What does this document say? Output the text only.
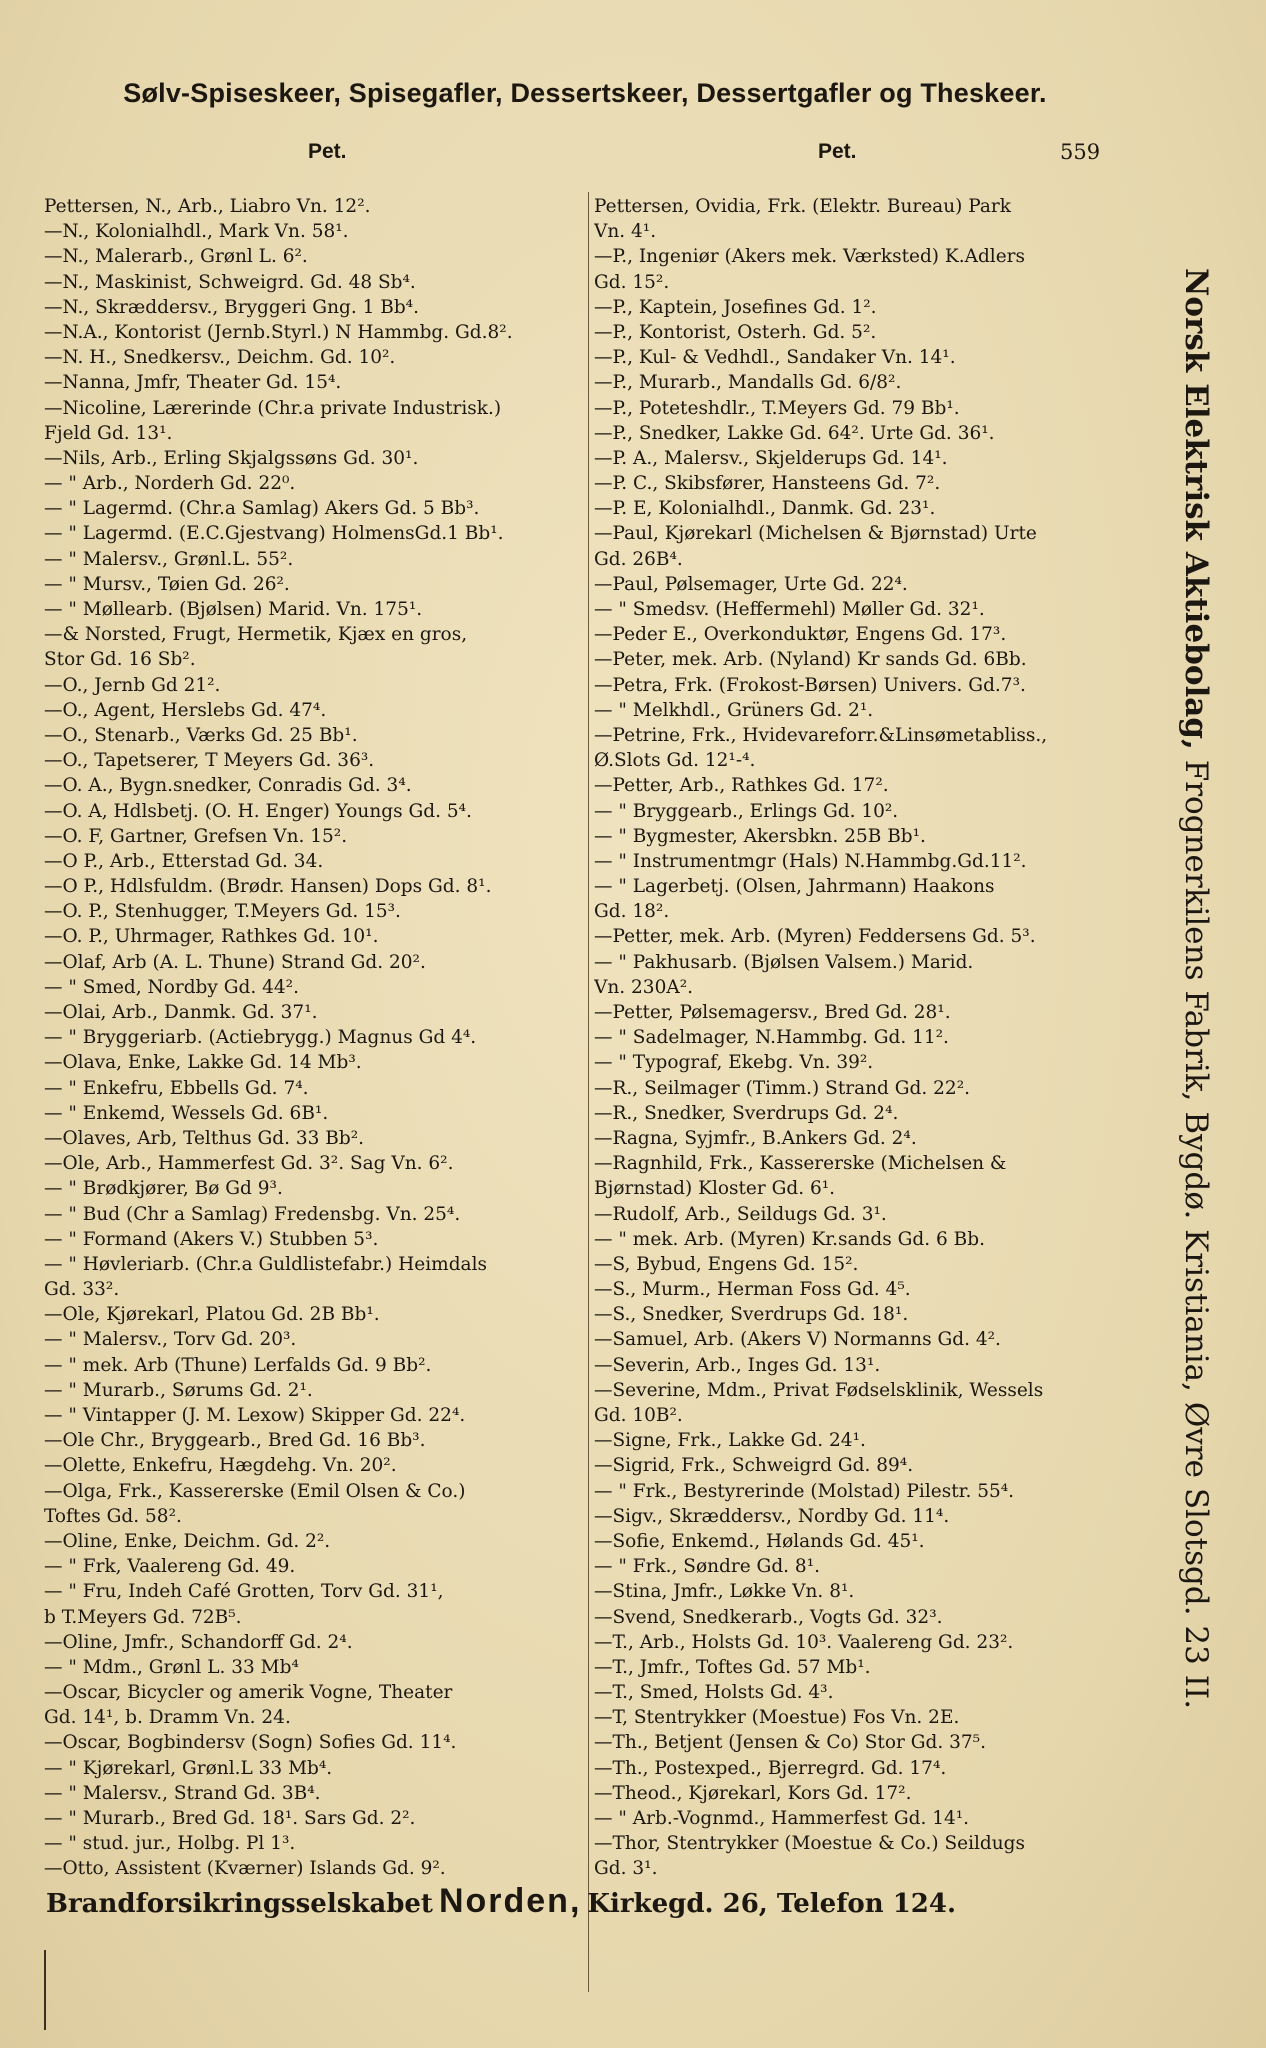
Sølv-Spiseskeer, Spisegafler, Dessertskeer, Dessertgafler og Theskeer.
Pet.	Pet.	559
Pettersen, N., Arb., Liabro Vn. 12².
—N., Kolonialhdl., Mark Vn. 58¹.
—N., Malerarb., Grønl L. 6².
—N., Maskinist, Schweigrd. Gd. 48 Sb⁴.
—N., Skræddersv., Bryggeri Gng. 1 Bb⁴.
—N.A., Kontorist (Jernb.Styrl.) N Hammbg. Gd.8².
—N. H., Snedkersv., Deichm. Gd. 10².
—Nanna, Jmfr, Theater Gd. 15⁴.
—Nicoline, Lærerinde (Chr.a private Industrisk.)
Fjeld Gd. 13¹.
—Nils, Arb., Erling Skjalgssøns Gd. 30¹.
— " Arb., Norderh Gd. 22⁰.
— " Lagermd. (Chr.a Samlag) Akers Gd. 5 Bb³.
— " Lagermd. (E.C.Gjestvang) HolmensGd.1 Bb¹.
— " Malersv., Grønl.L. 55².
— " Mursv., Tøien Gd. 26².
— " Møllearb. (Bjølsen) Marid. Vn. 175¹.
—& Norsted, Frugt, Hermetik, Kjæx en gros,
Stor Gd. 16 Sb².
—O., Jernb Gd 21².
—O., Agent, Herslebs Gd. 47⁴.
—O., Stenarb., Værks Gd. 25 Bb¹.
—O., Tapetserer, T Meyers Gd. 36³.
—O. A., Bygn.snedker, Conradis Gd. 3⁴.
—O. A, Hdlsbetj. (O. H. Enger) Youngs Gd. 5⁴.
—O. F, Gartner, Grefsen Vn. 15².
—O P., Arb., Etterstad Gd. 34.
—O P., Hdlsfuldm. (Brødr. Hansen) Dops Gd. 8¹.
—O. P., Stenhugger, T.Meyers Gd. 15³.
—O. P., Uhrmager, Rathkes Gd. 10¹.
—Olaf, Arb (A. L. Thune) Strand Gd. 20².
— " Smed, Nordby Gd. 44².
—Olai, Arb., Danmk. Gd. 37¹.
— " Bryggeriarb. (Actiebrygg.) Magnus Gd 4⁴.
—Olava, Enke, Lakke Gd. 14 Mb³.
— " Enkefru, Ebbells Gd. 7⁴.
— " Enkemd, Wessels Gd. 6B¹.
—Olaves, Arb, Telthus Gd. 33 Bb².
—Ole, Arb., Hammerfest Gd. 3². Sag Vn. 6².
— " Brødkjører, Bø Gd 9³.
— " Bud (Chr a Samlag) Fredensbg. Vn. 25⁴.
— " Formand (Akers V.) Stubben 5³.
— " Høvleriarb. (Chr.a Guldlistefabr.) Heimdals
Gd. 33².
—Ole, Kjørekarl, Platou Gd. 2B Bb¹.
— " Malersv., Torv Gd. 20³.
— " mek. Arb (Thune) Lerfalds Gd. 9 Bb².
— " Murarb., Sørums Gd. 2¹.
— " Vintapper (J. M. Lexow) Skipper Gd. 22⁴.
—Ole Chr., Bryggearb., Bred Gd. 16 Bb³.
—Olette, Enkefru, Hægdehg. Vn. 20².
—Olga, Frk., Kassererske (Emil Olsen & Co.)
Toftes Gd. 58².
—Oline, Enke, Deichm. Gd. 2².
— " Frk, Vaalereng Gd. 49.
— " Fru, Indeh Café Grotten, Torv Gd. 31¹,
b T.Meyers Gd. 72B⁵.
—Oline, Jmfr., Schandorff Gd. 2⁴.
— " Mdm., Grønl L. 33 Mb⁴
—Oscar, Bicycler og amerik Vogne, Theater
Gd. 14¹, b. Dramm Vn. 24.
—Oscar, Bogbindersv (Sogn) Sofies Gd. 11⁴.
— " Kjørekarl, Grønl.L 33 Mb⁴.
— " Malersv., Strand Gd. 3B⁴.
— " Murarb., Bred Gd. 18¹. Sars Gd. 2².
— " stud. jur., Holbg. Pl 1³.
—Otto, Assistent (Kværner) Islands Gd. 9².
Pettersen, Ovidia, Frk. (Elektr. Bureau) Park
Vn. 4¹.
—P., Ingeniør (Akers mek. Værksted) K.Adlers
Gd. 15².
—P., Kaptein, Josefines Gd. 1².
—P., Kontorist, Osterh. Gd. 5².
—P., Kul- & Vedhdl., Sandaker Vn. 14¹.
—P., Murarb., Mandalls Gd. 6/8².
—P., Poteteshdlr., T.Meyers Gd. 79 Bb¹.
—P., Snedker, Lakke Gd. 64². Urte Gd. 36¹.
—P. A., Malersv., Skjelderups Gd. 14¹.
—P. C., Skibsfører, Hansteens Gd. 7².
—P. E, Kolonialhdl., Danmk. Gd. 23¹.
—Paul, Kjørekarl (Michelsen & Bjørnstad) Urte
Gd. 26B⁴.
—Paul, Pølsemager, Urte Gd. 22⁴.
— " Smedsv. (Heffermehl) Møller Gd. 32¹.
—Peder E., Overkonduktør, Engens Gd. 17³.
—Peter, mek. Arb. (Nyland) Kr sands Gd. 6Bb.
—Petra, Frk. (Frokost-Børsen) Univers. Gd.7³.
— " Melkhdl., Grüners Gd. 2¹.
—Petrine, Frk., Hvidevareforr.&Linsømetabliss.,
Ø.Slots Gd. 12¹-⁴.
—Petter, Arb., Rathkes Gd. 17².
— " Bryggearb., Erlings Gd. 10².
— " Bygmester, Akersbkn. 25B Bb¹.
— " Instrumentmgr (Hals) N.Hammbg.Gd.11².
— " Lagerbetj. (Olsen, Jahrmann) Haakons
Gd. 18².
—Petter, mek. Arb. (Myren) Feddersens Gd. 5³.
— " Pakhusarb. (Bjølsen Valsem.) Marid.
Vn. 230A².
—Petter, Pølsemagersv., Bred Gd. 28¹.
— " Sadelmager, N.Hammbg. Gd. 11².
— " Typograf, Ekebg. Vn. 39².
—R., Seilmager (Timm.) Strand Gd. 22².
—R., Snedker, Sverdrups Gd. 2⁴.
—Ragna, Syjmfr., B.Ankers Gd. 2⁴.
—Ragnhild, Frk., Kassererske (Michelsen &
Bjørnstad) Kloster Gd. 6¹.
—Rudolf, Arb., Seildugs Gd. 3¹.
— " mek. Arb. (Myren) Kr.sands Gd. 6 Bb.
—S, Bybud, Engens Gd. 15².
—S., Murm., Herman Foss Gd. 4⁵.
—S., Snedker, Sverdrups Gd. 18¹.
—Samuel, Arb. (Akers V) Normanns Gd. 4².
—Severin, Arb., Inges Gd. 13¹.
—Severine, Mdm., Privat Fødselsklinik, Wessels
Gd. 10B².
—Signe, Frk., Lakke Gd. 24¹.
—Sigrid, Frk., Schweigrd Gd. 89⁴.
— " Frk., Bestyrerinde (Molstad) Pilestr. 55⁴.
—Sigv., Skræddersv., Nordby Gd. 11⁴.
—Sofie, Enkemd., Hølands Gd. 45¹.
— " Frk., Søndre Gd. 8¹.
—Stina, Jmfr., Løkke Vn. 8¹.
—Svend, Snedkerarb., Vogts Gd. 32³.
—T., Arb., Holsts Gd. 10³. Vaalereng Gd. 23².
—T., Jmfr., Toftes Gd. 57 Mb¹.
—T., Smed, Holsts Gd. 4³.
—T, Stentrykker (Moestue) Fos Vn. 2E.
—Th., Betjent (Jensen & Co) Stor Gd. 37⁵.
—Th., Postexped., Bjerregrd. Gd. 17⁴.
—Theod., Kjørekarl, Kors Gd. 17².
— " Arb.-Vognmd., Hammerfest Gd. 14¹.
—Thor, Stentrykker (Moestue & Co.) Seildugs
Gd. 3¹.
Norsk Elektrisk Aktiebolag, Frognerkilens Fabrik, Bygdø. Kristiania, Øvre Slotsgd. 23 II.
Brandforsikringsselskabet Norden, Kirkegd. 26, Telefon 124.
